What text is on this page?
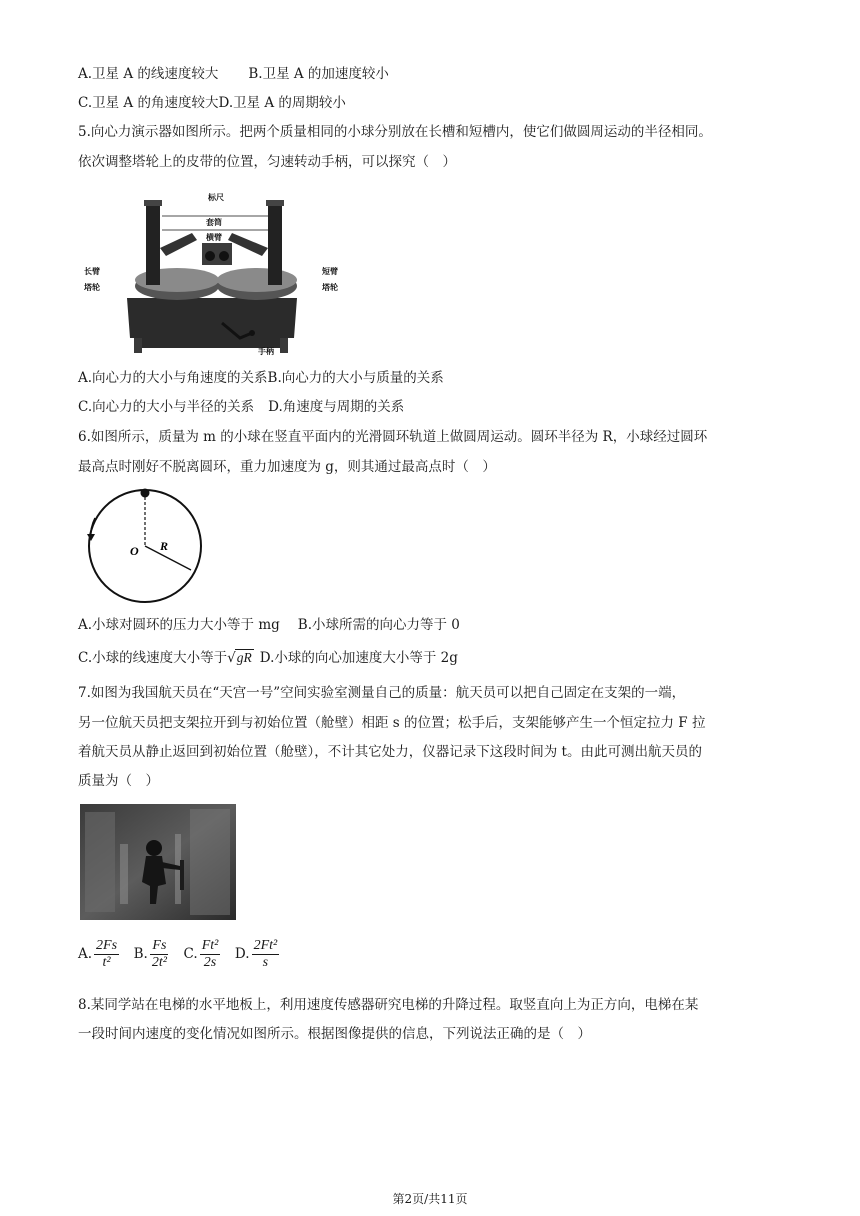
A.卫星 A 的线速度较大 B.卫星 A 的加速度较小
C.卫星 A 的角速度较大D.卫星 A 的周期较小
5.向心力演示器如图所示。把两个质量相同的小球分别放在长槽和短槽内，使它们做圆周运动的半径相同。
依次调整塔轮上的皮带的位置，匀速转动手柄，可以探究（　）
标尺
套筒
横臂
长臂
塔轮
短臂
塔轮
手柄
A.向心力的大小与角速度的关系B.向心力的大小与质量的关系
C.向心力的大小与半径的关系 D.角速度与周期的关系
6.如图所示，质量为 m 的小球在竖直平面内的光滑圆环轨道上做圆周运动。圆环半径为 R，小球经过圆环
最高点时刚好不脱离圆环，重力加速度为 g，则其通过最高点时（　）
O R
A.小球对圆环的压力大小等于 mg B.小球所需的向心力等于 0
C.小球的线速度大小等于√gR D.小球的向心加速度大小等于 2g
7.如图为我国航天员在“天宫一号”空间实验室测量自己的质量：航天员可以把自己固定在支架的一端，
另一位航天员把支架拉开到与初始位置（舱壁）相距 s 的位置；松手后，支架能够产生一个恒定拉力 F 拉
着航天员从静止返回到初始位置（舱壁），不计其它处力，仪器记录下这段时间为 t。由此可测出航天员的
质量为（　）
A. $\frac{2Fs}{\text{t²}} B$. $\frac{Fs}{\text{2t²}} C$. $\frac{\text{Ft²}}{2s} D$. $\frac{\text{2Ft²}}{s}$
8.某同学站在电梯的水平地板上，利用速度传感器研究电梯的升降过程。取竖直向上为正方向，电梯在某
一段时间内速度的变化情况如图所示。根据图像提供的信息，下列说法正确的是（　）
第2页/共11页
